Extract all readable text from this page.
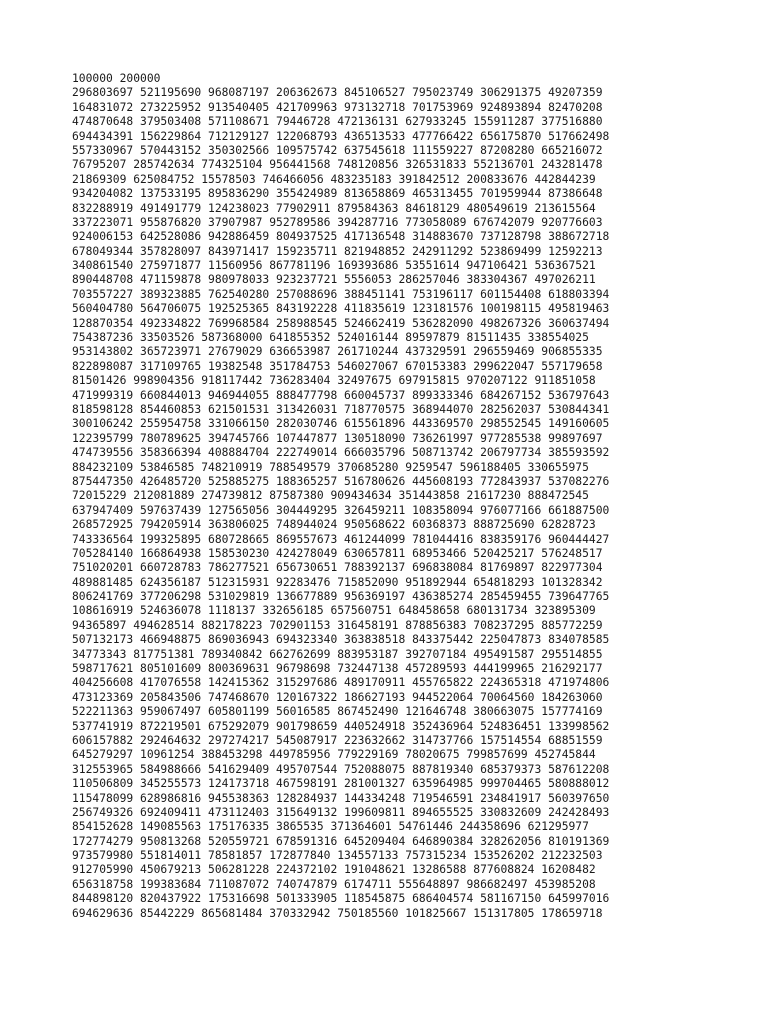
100000 200000
296803697 521195690 968087197 206362673 845106527 795023749 306291375 49207359
164831072 273225952 913540405 421709963 973132718 701753969 924893894 82470208
474870648 379503408 571108671 79446728 472136131 627933245 155911287 377516880
694434391 156229864 712129127 122068793 436513533 477766422 656175870 517662498
557330967 570443152 350302566 109575742 637545618 111559227 87208280 665216072
76795207 285742634 774325104 956441568 748120856 326531833 552136701 243281478
21869309 625084752 15578503 746466056 483235183 391842512 200833676 442844239
934204082 137533195 895836290 355424989 813658869 465313455 701959944 87386648
832288919 491491779 124238023 77902911 879584363 84618129 480549619 213615564
337223071 955876820 37907987 952789586 394287716 773058089 676742079 920776603
924006153 642528086 942886459 804937525 417136548 314883670 737128798 388672718
678049344 357828097 843971417 159235711 821948852 242911292 523869499 12592213
340861540 275971877 11560956 867781196 169393686 53551614 947106421 536367521
890448708 471159878 980978033 923237721 5556053 286257046 383304367 497026211
703557227 389323885 762540280 257088696 388451141 753196117 601154408 618803394
560404780 564706075 192525365 843192228 411835619 123181576 100198115 495819463
128870354 492334822 769968584 258988545 524662419 536282090 498267326 360637494
754387236 33503526 587368000 641855352 524016144 89597879 81511435 338554025
953143802 365723971 27679029 636653987 261710244 437329591 296559469 906855335
822898087 317109765 19382548 351784753 546027067 670153383 299622047 557179658
81501426 998904356 918117442 736283404 32497675 697915815 970207122 911851058
471999319 660844013 946944055 888477798 660045737 899333346 684267152 536797643
818598128 854460853 621501531 313426031 718770575 368944070 282562037 530844341
300106242 255954758 331066150 282030746 615561896 443369570 298552545 149160605
122395799 780789625 394745766 107447877 130518090 736261997 977285538 99897697
474739556 358366394 408884704 222749014 666035796 508713742 206797734 385593592
884232109 53846585 748210919 788549579 370685280 9259547 596188405 330655975
875447350 426485720 525885275 188365257 516780626 445608193 772843937 537082276
72015229 212081889 274739812 87587380 909434634 351443858 21617230 888472545
637947409 597637439 127565056 304449295 326459211 108358094 976077166 661887500
268572925 794205914 363806025 748944024 950568622 60368373 888725690 62828723
743336564 199325895 680728665 869557673 461244099 781044416 838359176 960444427
705284140 166864938 158530230 424278049 630657811 68953466 520425217 576248517
751020201 660728783 786277521 656730651 788392137 696838084 81769897 822977304
489881485 624356187 512315931 92283476 715852090 951892944 654818293 101328342
806241769 377206298 531029819 136677889 956369197 436385274 285459455 739647765
108616919 524636078 1118137 332656185 657560751 648458658 680131734 323895309
94365897 494628514 882178223 702901153 316458191 878856383 708237295 885772259
507132173 466948875 869036943 694323340 363838518 843375442 225047873 834078585
34773343 817751381 789340842 662762699 883953187 392707184 495491587 295514855
598717621 805101609 800369631 96798698 732447138 457289593 444199965 216292177
404256608 417076558 142415362 315297686 489170911 455765822 224365318 471974806
473123369 205843506 747468670 120167322 186627193 944522064 70064560 184263060
522211363 959067497 605801199 56016585 867452490 121646748 380663075 157774169
537741919 872219501 675292079 901798659 440524918 352436964 524836451 133998562
606157882 292464632 297274217 545087917 223632662 314737766 157514554 68851559
645279297 10961254 388453298 449785956 779229169 78020675 799857699 452745844
312553965 584988666 541629409 495707544 752088075 887819340 685379373 587612208
110506809 345255573 124173718 467598191 281001327 635964985 999704465 580888012
115478099 628986816 945538363 128284937 144334248 719546591 234841917 560397650
256749326 692409411 473112403 315649132 199609811 894655525 330832609 242428493
854152628 149085563 175176335 3865535 371364601 54761446 244358696 621295977
172774279 950813268 520559721 678591316 645209404 646890384 328262056 810191369
973579980 551814011 78581857 172877840 134557133 757315234 153526202 212232503
912705990 450679213 506281228 224372102 191048621 13286588 877608824 16208482
656318758 199383684 711087072 740747879 6174711 555648897 986682497 453985208
844898120 820437922 175316698 501333905 118545875 686404574 581167150 645997016
694629636 85442229 865681484 370332942 750185560 101825667 151317805 178659718
